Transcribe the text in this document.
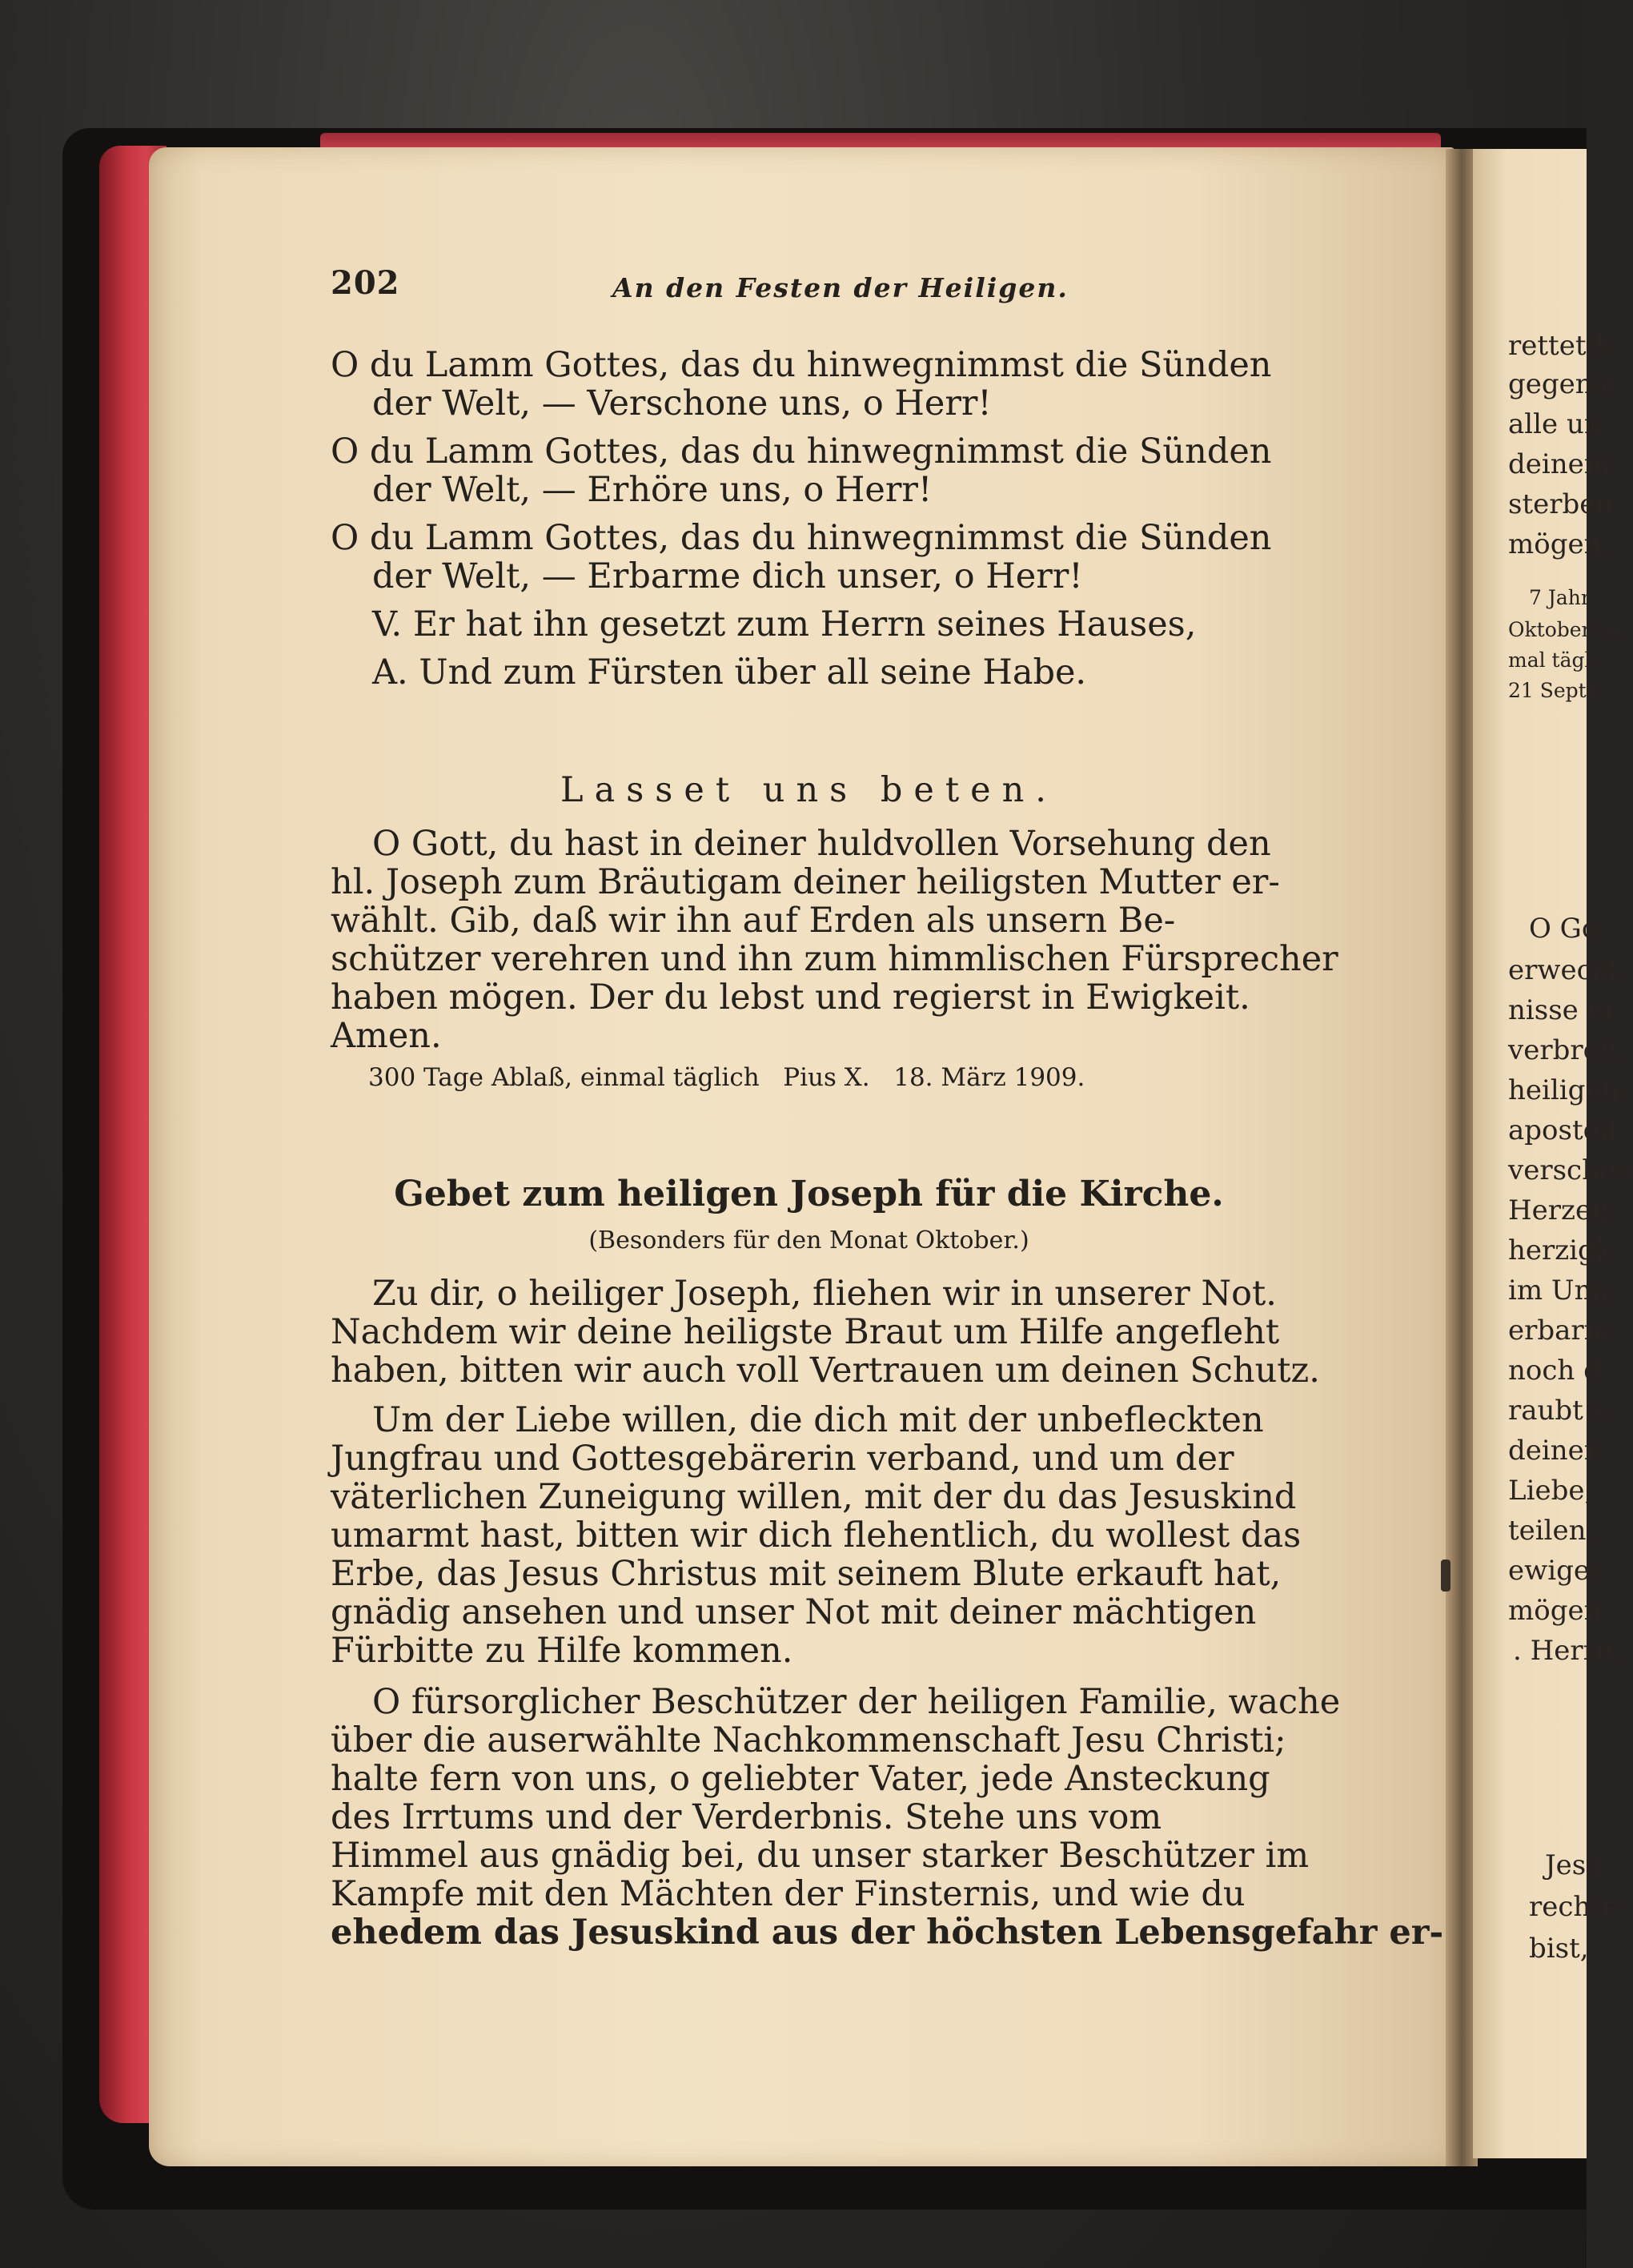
202	An den Festen der Heiligen.
O du Lamm Gottes, das du hinwegnimmst die Sünden
der Welt, — Verschone uns, o Herr!
O du Lamm Gottes, das du hinwegnimmst die Sünden
der Welt, — Erhöre uns, o Herr!
O du Lamm Gottes, das du hinwegnimmst die Sünden
der Welt, — Erbarme dich unser, o Herr!
V. Er hat ihn gesetzt zum Herrn seines Hauses,
A. Und zum Fürsten über all seine Habe.
Lasset uns beten.
O Gott, du hast in deiner huldvollen Vorsehung den
hl. Joseph zum Bräutigam deiner heiligsten Mutter er-
wählt. Gib, daß wir ihn auf Erden als unsern Be-
schützer verehren und ihn zum himmlischen Fürsprecher
haben mögen. Der du lebst und regierst in Ewigkeit.
Amen.
300 Tage Ablaß, einmal täglich   Pius X.   18. März 1909.
Gebet zum heiligen Joseph für die Kirche.
(Besonders für den Monat Oktober.)
Zu dir, o heiliger Joseph, fliehen wir in unserer Not.
Nachdem wir deine heiligste Braut um Hilfe angefleht
haben, bitten wir auch voll Vertrauen um deinen Schutz.
Um der Liebe willen, die dich mit der unbefleckten
Jungfrau und Gottesgebärerin verband, und um der
väterlichen Zuneigung willen, mit der du das Jesuskind
umarmt hast, bitten wir dich flehentlich, du wollest das
Erbe, das Jesus Christus mit seinem Blute erkauft hat,
gnädig ansehen und unser Not mit deiner mächtigen
Fürbitte zu Hilfe kommen.
O fürsorglicher Beschützer der heiligen Familie, wache
über die auserwählte Nachkommenschaft Jesu Christi;
halte fern von uns, o geliebter Vater, jede Ansteckung
des Irrtums und der Verderbnis. Stehe uns vom
Himmel aus gnädig bei, du unser starker Beschützer im
Kampfe mit den Mächten der Finsternis, und wie du
ehedem das Jesuskind aus der höchsten Lebensgefahr er-
rettet h
gegen a
alle un
deinem
sterben
mögen.
7 Jahr
Oktober be
mal tägli
21 Septe
O Go
erweckt
nisse er
verbreit
heiligen
apostoli
verscheu
Herzen
herzigk
im Ung
erbarm
noch d
raubt s
deiner
Liebe,
teilen,
ewiger
mögen
. Herrn,
Jesu
rechte
bist,
